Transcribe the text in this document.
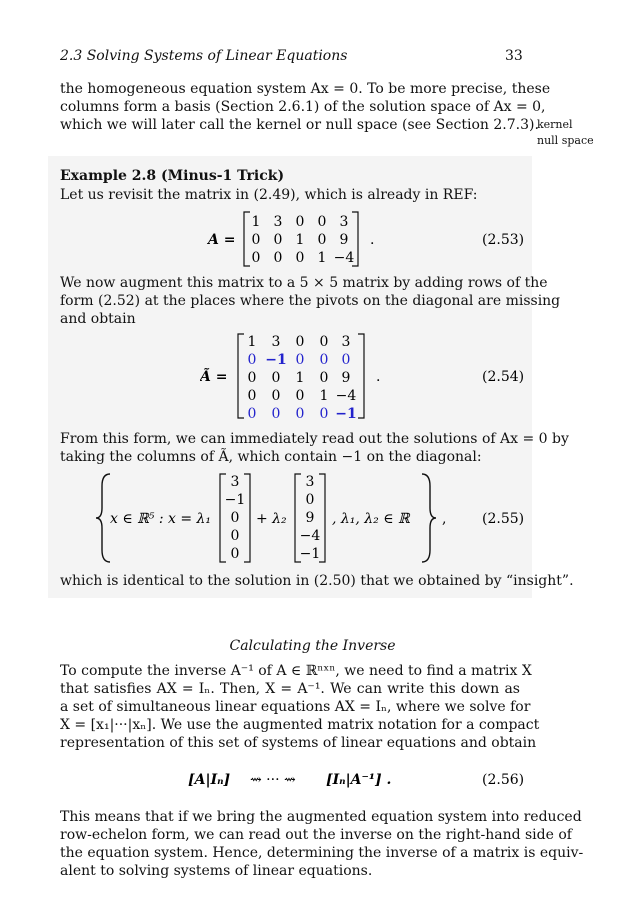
2.3 Solving Systems of Linear Equations	33
the homogeneous equation system Ax = 0. To be more precise, these
columns form a basis (Section 2.6.1) of the solution space of Ax = 0,
which we will later call the kernel or null space (see Section 2.7.3).
kernel
null space
Example 2.8 (Minus-1 Trick)
Let us revisit the matrix in (2.49), which is already in REF:
A =
1 3 0 0 3
0 0 1 0 9
0 0 0 1 −4
.	(2.53)
We now augment this matrix to a 5 × 5 matrix by adding rows of the
form (2.52) at the places where the pivots on the diagonal are missing
and obtain
Ã =
1 3 0 0 3
0 −1 0 0 0
0 0 1 0 9
0 0 0 1 −4
0 0 0 0 −1
.	(2.54)
From this form, we can immediately read out the solutions of Ax = 0 by
taking the columns of Ã, which contain −1 on the diagonal:
x ∈ ℝ⁵ : x = λ₁
3
−1
0
0
0
+ λ₂
3
0
9
−4
−1
, λ₁, λ₂ ∈ ℝ ,	(2.55)
which is identical to the solution in (2.50) that we obtained by “insight”.
Calculating the Inverse
To compute the inverse A⁻¹ of A ∈ ℝⁿˣⁿ, we need to find a matrix X
that satisfies AX = Iₙ. Then, X = A⁻¹. We can write this down as
a set of simultaneous linear equations AX = Iₙ, where we solve for
X = [x₁|···|xₙ]. We use the augmented matrix notation for a compact
representation of this set of systems of linear equations and obtain
[A|Iₙ] ⇝ ··· ⇝ [Iₙ|A⁻¹] .	(2.56)
This means that if we bring the augmented equation system into reduced
row-echelon form, we can read out the inverse on the right-hand side of
the equation system. Hence, determining the inverse of a matrix is equiv-
alent to solving systems of linear equations.
